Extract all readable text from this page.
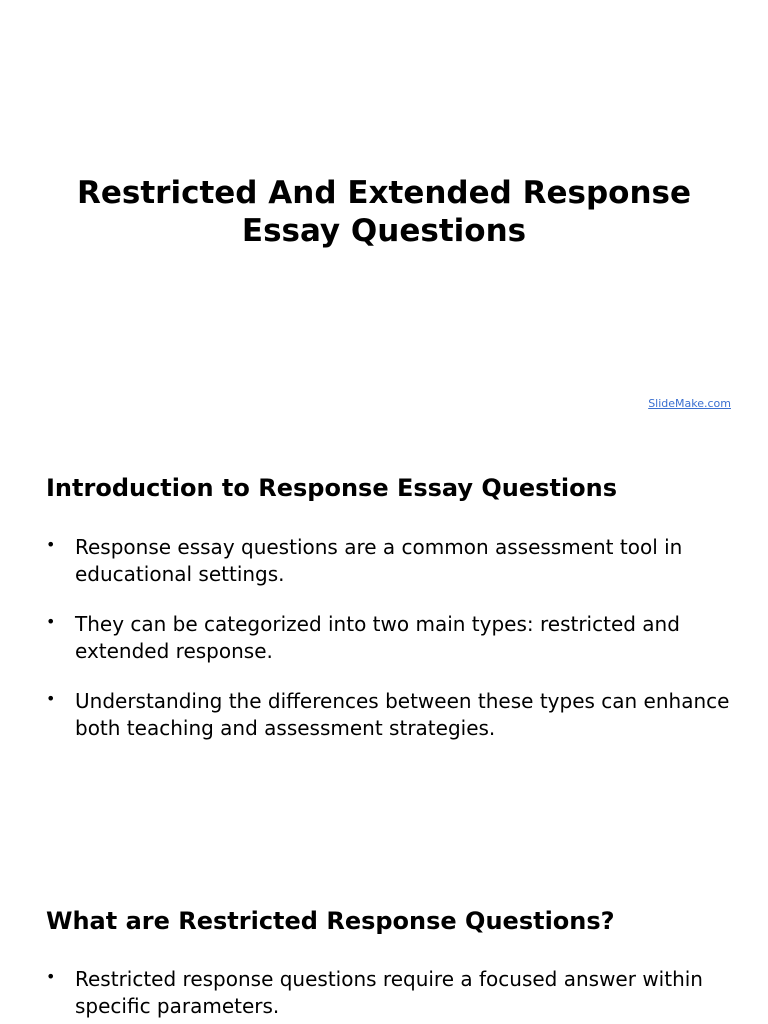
Restricted And Extended Response
Essay Questions
SlideMake.com
Introduction to Response Essay Questions
• Response essay questions are a common assessment tool in educational settings.
• They can be categorized into two main types: restricted and extended response.
• Understanding the differences between these types can enhance both teaching and assessment strategies.
What are Restricted Response Questions?
• Restricted response questions require a focused answer within specific parameters.
